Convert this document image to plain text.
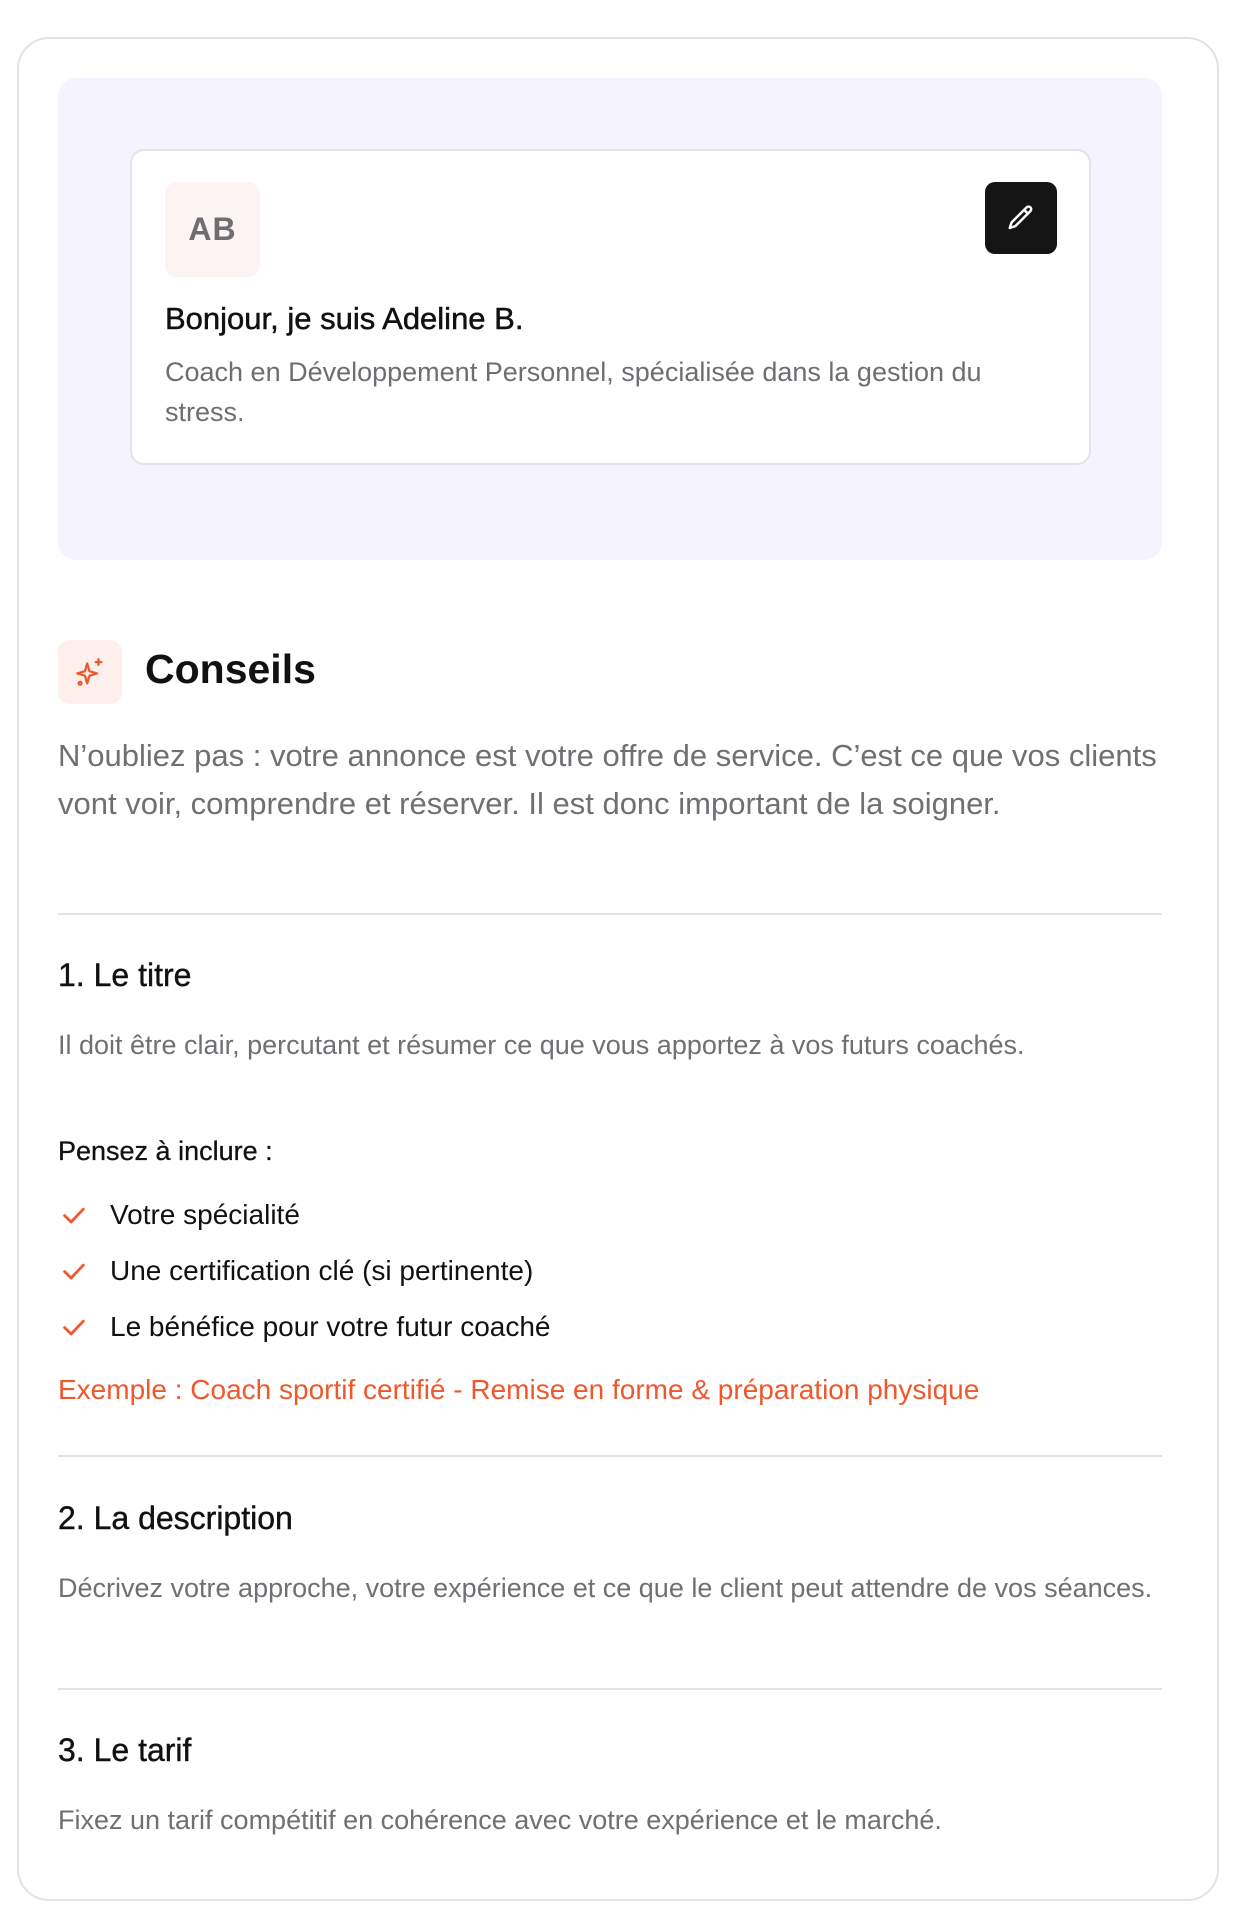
AB
Bonjour, je suis Adeline B.
Coach en Développement Personnel, spécialisée dans la gestion du stress.
Conseils
N’oubliez pas : votre annonce est votre offre de service. C’est ce que vos clients vont voir, comprendre et réserver. Il est donc important de la soigner.
1. Le titre
Il doit être clair, percutant et résumer ce que vous apportez à vos futurs coachés.
Pensez à inclure :
Votre spécialité
Une certification clé (si pertinente)
Le bénéfice pour votre futur coaché
Exemple : Coach sportif certifié - Remise en forme & préparation physique
2. La description
Décrivez votre approche, votre expérience et ce que le client peut attendre de vos séances.
3. Le tarif
Fixez un tarif compétitif en cohérence avec votre expérience et le marché.
